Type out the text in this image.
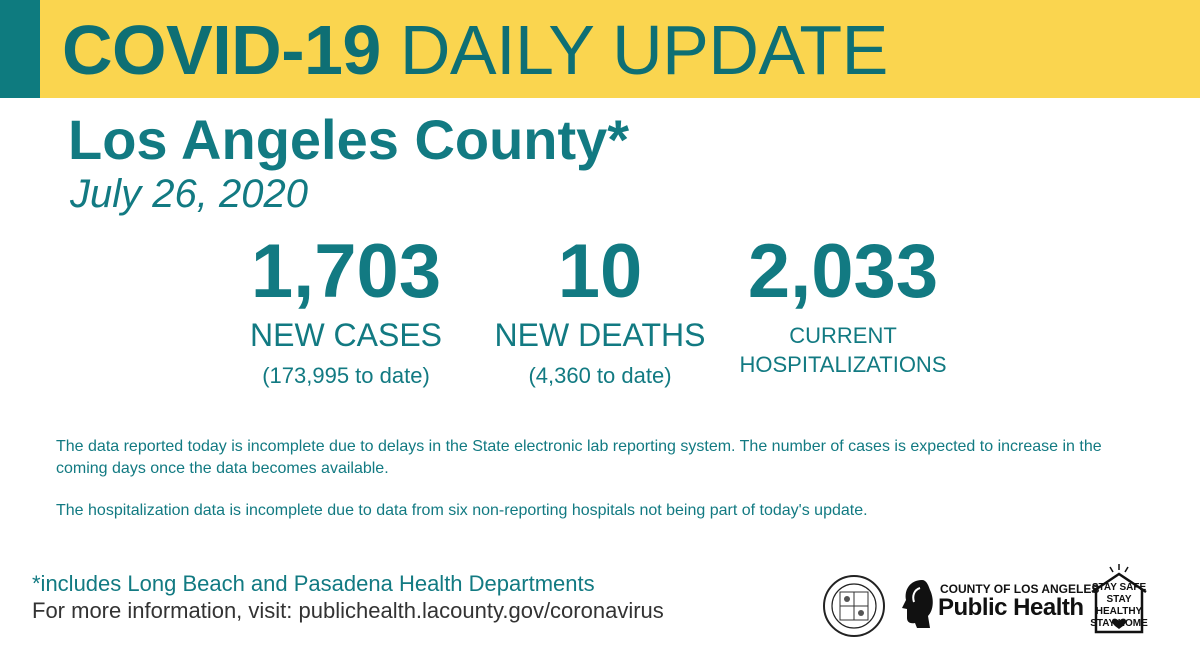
COVID-19 DAILY UPDATE
Los Angeles County*
July 26, 2020
1,703
NEW CASES
(173,995 to date)
10
NEW DEATHS
(4,360 to date)
2,033
CURRENT
HOSPITALIZATIONS

The data reported today is incomplete due to delays in the State electronic lab reporting system. The number of cases is expected to increase in the coming days once the data becomes available.

The hospitalization data is incomplete due to data from six non-reporting hospitals not being part of today's update.

*includes Long Beach and Pasadena Health Departments
For more information, visit: publichealth.lacounty.gov/coronavirus
COUNTY OF LOS ANGELES
Public Health
STAY SAFE
STAY HEALTHY
STAY HOME
